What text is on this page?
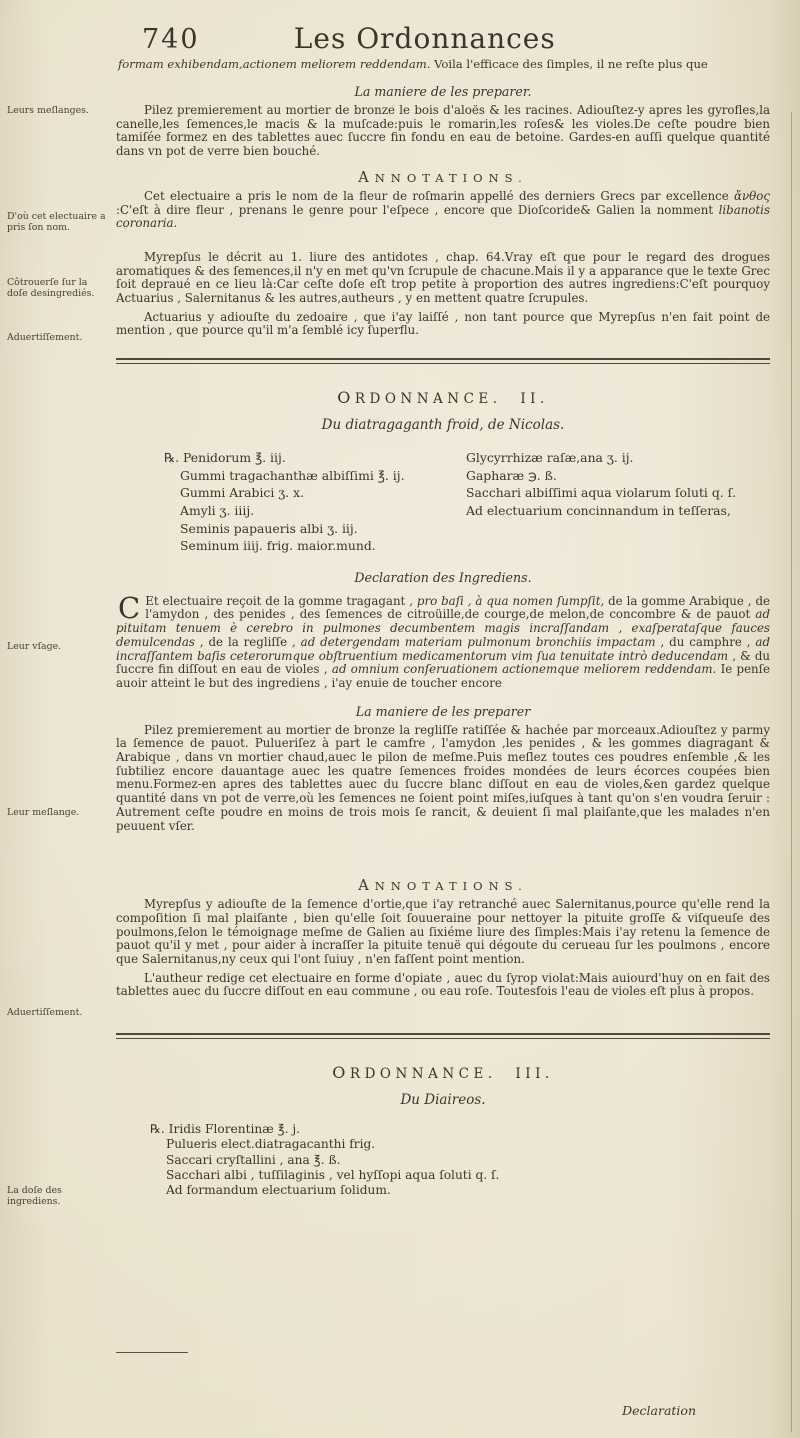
Leurs meſlanges.

D'où cet electuaire a pris ſon nom.

Côtrouerſe ſur la doſe desingrediés.

Aduertiſſement.

Leur vſage.

Leur meſlange.

Aduertiſſement.

La doſe des ingrediens.

740	Les Ordonnances

formam exhibendam,actionem meliorem reddendam. Voila l'efficace des ſimples, il ne reſte plus que

La maniere de les preparer.

Pilez premierement au mortier de bronze le bois d'aloës & les racines. Adiouſtez-y apres les gyrofles,la canelle,les ſemences,le macis & la muſcade:puis le romarin,les roſes& les violes.De ceſte poudre bien tamiſée formez en des tablettes auec ſuccre fin fondu en eau de betoine. Gardes-en auſſi quelque quantité dans vn pot de verre bien bouché.

ANNOTATIONS.

Cet electuaire a pris le nom de la fleur de roſmarin appellé des derniers Grecs par excellence ἄνθος :C'eſt à dire fleur , prenans le genre pour l'eſpece , encore que Dioſcoride& Galien la nomment libanotis coronaria.

Myrepſus le décrit au 1. liure des antidotes , chap. 64.Vray eſt que pour le regard des drogues aromatiques & des ſemences,il n'y en met qu'vn ſcrupule de chacune.Mais il y a apparance que le texte Grec ſoit depraué en ce lieu là:Car ceſte doſe eſt trop petite à proportion des autres ingrediens:C'eſt pourquoy Actuarius , Salernitanus & les autres,autheurs , y en mettent quatre ſcrupules.

Actuarius y adiouſte du zedoaire , que i'ay laiſſé , non tant pource que Myrepſus n'en fait point de mention , que pource qu'il m'a ſemblé icy ſuperflu.

ORDONNANCE. II.
Du diatragaganth froid, de Nicolas.

℞. Penidorum ℥. iij.

Gummi tragachanthæ albiſſimi ℥. ij.

Gummi Arabici ʒ. x.

Amyli ʒ. iiij.

Seminis papaueris albi ʒ. iij.

Seminum iiij. frig. maior.mund.

Glycyrrhizæ raſæ,ana ʒ. ij.

Gapharæ ℈. ß.

Sacchari albiſſimi aqua violarum ſoluti q. ſ.

Ad electuarium concinnandum in teſſeras,

Declaration des Ingrediens.

C Et electuaire reçoit de la gomme tragagant , pro baſi , à qua nomen ſumpſit, de la gomme Arabique , de l'amydon , des penides , des ſemences de citroüille,de courge,de melon,de concombre & de pauot ad pituitam tenuem è cerebro in pulmones decumbentem magis incraſſandam , exaſperataſque fauces demulcendas , de la regliſſe , ad detergendam materiam pulmonum bronchiis impactam , du camphre , ad incraſſantem baſis ceterorumque obſtruentium medicamentorum vim ſua tenuitate intrò deducendam , & du ſuccre fin diſſout en eau de violes , ad omnium conſeruationem actionemque meliorem reddendam. Ie penſe auoir atteint le but des ingrediens , i'ay enuie de toucher encore

La maniere de les preparer

Pilez premierement au mortier de bronze la regliſſe ratiſſée & hachée par morceaux.Adiouſtez y parmy la ſemence de pauot. Pulueriſez à part le camfre , l'amydon ,les penides , & les gommes diagragant & Arabique , dans vn mortier chaud,auec le pilon de meſme.Puis meſlez toutes ces poudres enſemble ,& les ſubtiliez encore dauantage auec les quatre ſemences froides mondées de leurs écorces coupées bien menu.Formez-en apres des tablettes auec du ſuccre blanc diſſout en eau de violes,&en gardez quelque quantité dans vn pot de verre,où les ſemences ne ſoient point miſes,iuſques à tant qu'on s'en voudra ſeruir : Autrement ceſte poudre en moins de trois mois ſe rancit, & deuient ſi mal plaiſante,que les malades n'en peuuent vſer.

ANNOTATIONS.

Myrepſus y adiouſte de la ſemence d'ortie,que i'ay retranché auec Salernitanus,pource qu'elle rend la compoſition ſi mal plaiſante , bien qu'elle ſoit ſouueraine pour nettoyer la pituite groſſe & viſqueuſe des poulmons,ſelon le témoignage meſme de Galien au ſixiéme liure des ſimples:Mais i'ay retenu la ſemence de pauot qu'il y met , pour aider à incraſſer la pituite tenuë qui dégoute du cerueau ſur les poulmons , encore que Salernitanus,ny ceux qui l'ont ſuiuy , n'en faſſent point mention.

L'autheur redige cet electuaire en forme d'opiate , auec du ſyrop violat:Mais auiourd'huy on en fait des tablettes auec du ſuccre diſſout en eau commune , ou eau roſe. Toutesfois l'eau de violes eſt plus à propos.

ORDONNANCE. III.
Du Diaireos.

℞. Iridis Florentinæ ℥. j.

Pulueris elect.diatragacanthi frig.

Saccari cryſtallini , ana ℥. ß.

Sacchari albi , tuſſilaginis , vel hyſſopi aqua ſoluti q. ſ.

Ad formandum electuarium ſolidum.

Declaration
